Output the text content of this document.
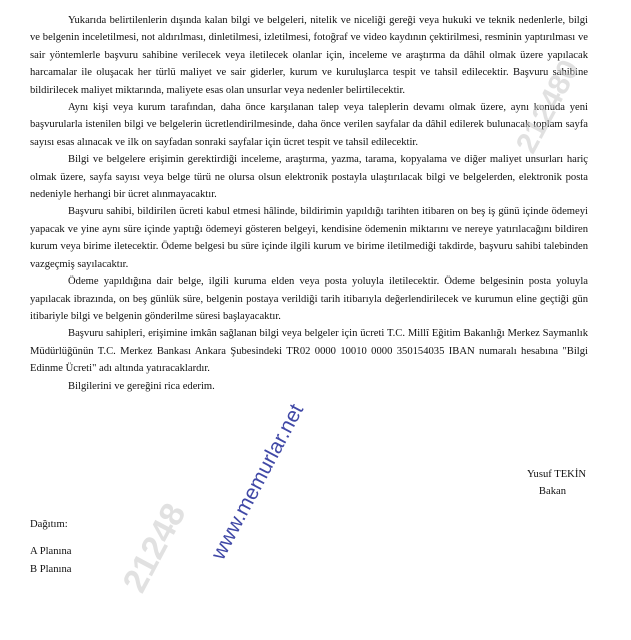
Yukarıda belirtilenlerin dışında kalan bilgi ve belgeleri, nitelik ve niceliği gereği veya hukuki ve teknik nedenlerle, bilgi ve belgenin inceletilmesi, not aldırılması, dinletilmesi, izletilmesi, fotoğraf ve video kaydının çektirilmesi, resminin yaptırılması ve sair yöntemlerle başvuru sahibine verilecek veya iletilecek olanlar için, inceleme ve araştırma da dâhil olmak üzere yapılacak harcamalar ile oluşacak her türlü maliyet ve sair giderler, kurum ve kuruluşlarca tespit ve tahsil edilecektir. Başvuru sahibine bildirilecek maliyet miktarında, maliyete esas olan unsurlar veya nedenler belirtilecektir.

Aynı kişi veya kurum tarafından, daha önce karşılanan talep veya taleplerin devamı olmak üzere, aynı konuda yeni başvurularla istenilen bilgi ve belgelerin ücretlendirilmesinde, daha önce verilen sayfalar da dâhil edilerek bulunacak toplam sayfa sayısı esas alınacak ve ilk on sayfadan sonraki sayfalar için ücret tespit ve tahsil edilecektir.

Bilgi ve belgelere erişimin gerektirdiği inceleme, araştırma, yazma, tarama, kopyalama ve diğer maliyet unsurları hariç olmak üzere, sayfa sayısı veya belge türü ne olursa olsun elektronik postayla ulaştırılacak bilgi ve belgelerden, elektronik posta nedeniyle herhangi bir ücret alınmayacaktır.

Başvuru sahibi, bildirilen ücreti kabul etmesi hâlinde, bildirimin yapıldığı tarihten itibaren on beş iş günü içinde ödemeyi yapacak ve yine aynı süre içinde yaptığı ödemeyi gösteren belgeyi, kendisine ödemenin miktarını ve nereye yatırılacağını bildiren kurum veya birime iletecektir. Ödeme belgesi bu süre içinde ilgili kurum ve birime iletilmediği takdirde, başvuru sahibi talebinden vazgeçmiş sayılacaktır.

Ödeme yapıldığına dair belge, ilgili kuruma elden veya posta yoluyla iletilecektir. Ödeme belgesinin posta yoluyla yapılacak ibrazında, on beş günlük süre, belgenin postaya verildiği tarih itibarıyla değerlendirilecek ve kurumun eline geçtiği gün itibariyle bilgi ve belgenin gönderilme süresi başlayacaktır.

Başvuru sahipleri, erişimine imkân sağlanan bilgi veya belgeler için ücreti T.C. Millî Eğitim Bakanlığı Merkez Saymanlık Müdürlüğünün T.C. Merkez Bankası Ankara Şubesindeki TR02 0000 10010 0000 350154035 IBAN numaralı hesabına "Bilgi Edinme Ücreti" adı altında yatıracaklardır.

Bilgilerini ve gereğini rica ederim.

Yusuf TEKİN

Bakan

Dağıtım:

A Planına

B Planına 21248
212480
www.memurlar.net
